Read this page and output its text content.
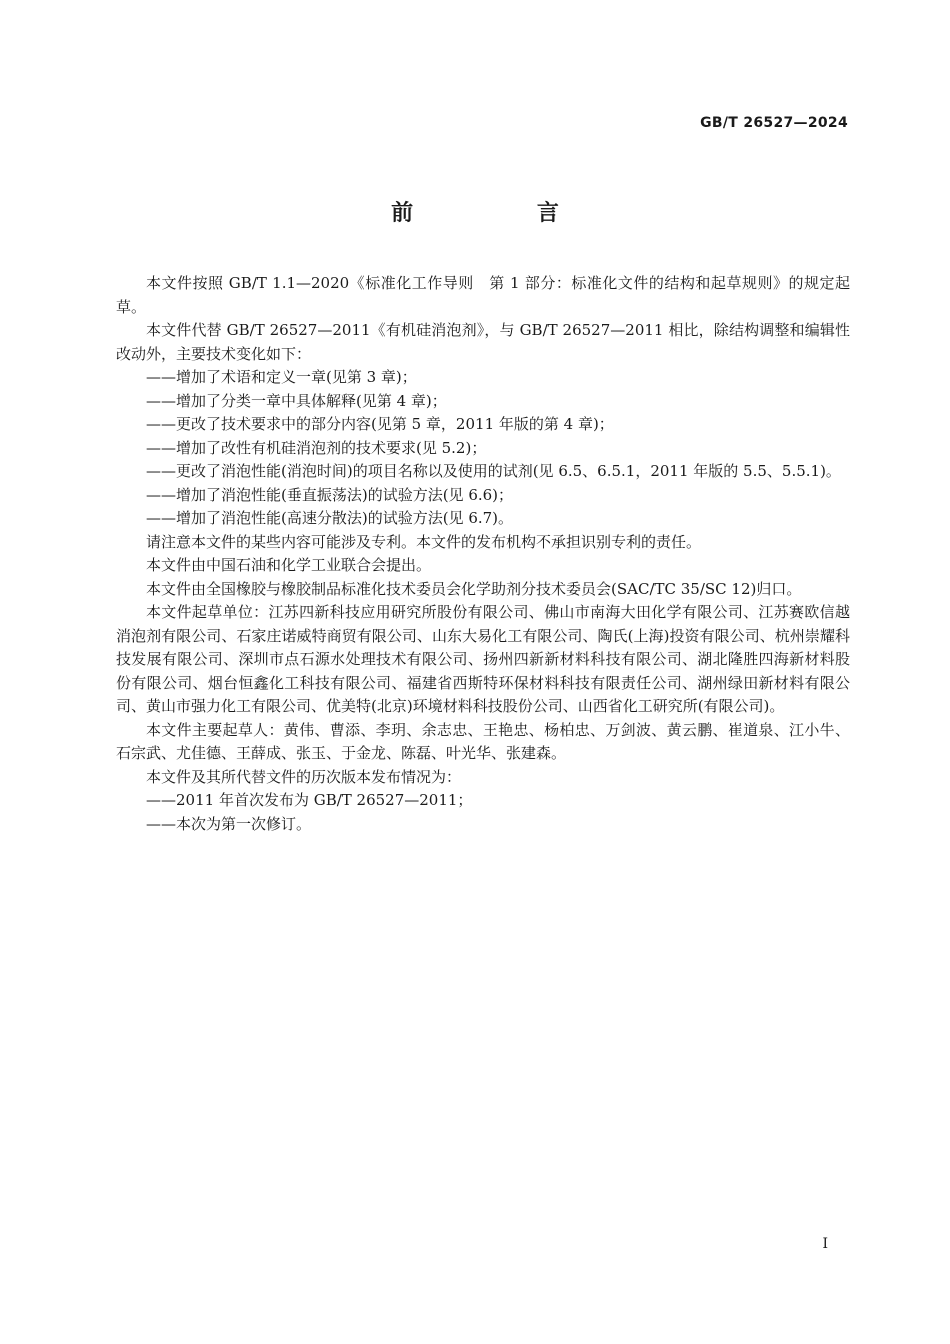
GB/T 26527—2024
前 言

本文件按照 GB/T 1.1—2020《标准化工作导则　第 1 部分：标准化文件的结构和起草规则》的规定起草。

本文件代替 GB/T 26527—2011《有机硅消泡剂》，与 GB/T 26527—2011 相比，除结构调整和编辑性改动外，主要技术变化如下：

——增加了术语和定义一章(见第 3 章)；

——增加了分类一章中具体解释(见第 4 章)；

——更改了技术要求中的部分内容(见第 5 章，2011 年版的第 4 章)；

——增加了改性有机硅消泡剂的技术要求(见 5.2)；

——更改了消泡性能(消泡时间)的项目名称以及使用的试剂(见 6.5、6.5.1，2011 年版的 5.5、5.5.1)。

——增加了消泡性能(垂直振荡法)的试验方法(见 6.6)；

——增加了消泡性能(高速分散法)的试验方法(见 6.7)。

请注意本文件的某些内容可能涉及专利。本文件的发布机构不承担识别专利的责任。

本文件由中国石油和化学工业联合会提出。

本文件由全国橡胶与橡胶制品标准化技术委员会化学助剂分技术委员会(SAC/TC 35/SC 12)归口。

本文件起草单位：江苏四新科技应用研究所股份有限公司、佛山市南海大田化学有限公司、江苏赛欧信越消泡剂有限公司、石家庄诺威特商贸有限公司、山东大易化工有限公司、陶氏(上海)投资有限公司、杭州崇耀科技发展有限公司、深圳市点石源水处理技术有限公司、扬州四新新材料科技有限公司、湖北隆胜四海新材料股份有限公司、烟台恒鑫化工科技有限公司、福建省西斯特环保材料科技有限责任公司、湖州绿田新材料有限公司、黄山市强力化工有限公司、优美特(北京)环境材料科技股份公司、山西省化工研究所(有限公司)。

本文件主要起草人：黄伟、曹添、李玥、余志忠、王艳忠、杨柏忠、万剑波、黄云鹏、崔道泉、江小牛、石宗武、尤佳德、王薛成、张玉、于金龙、陈磊、叶光华、张建森。

本文件及其所代替文件的历次版本发布情况为：

——2011 年首次发布为 GB/T 26527—2011；

——本次为第一次修订。

I
